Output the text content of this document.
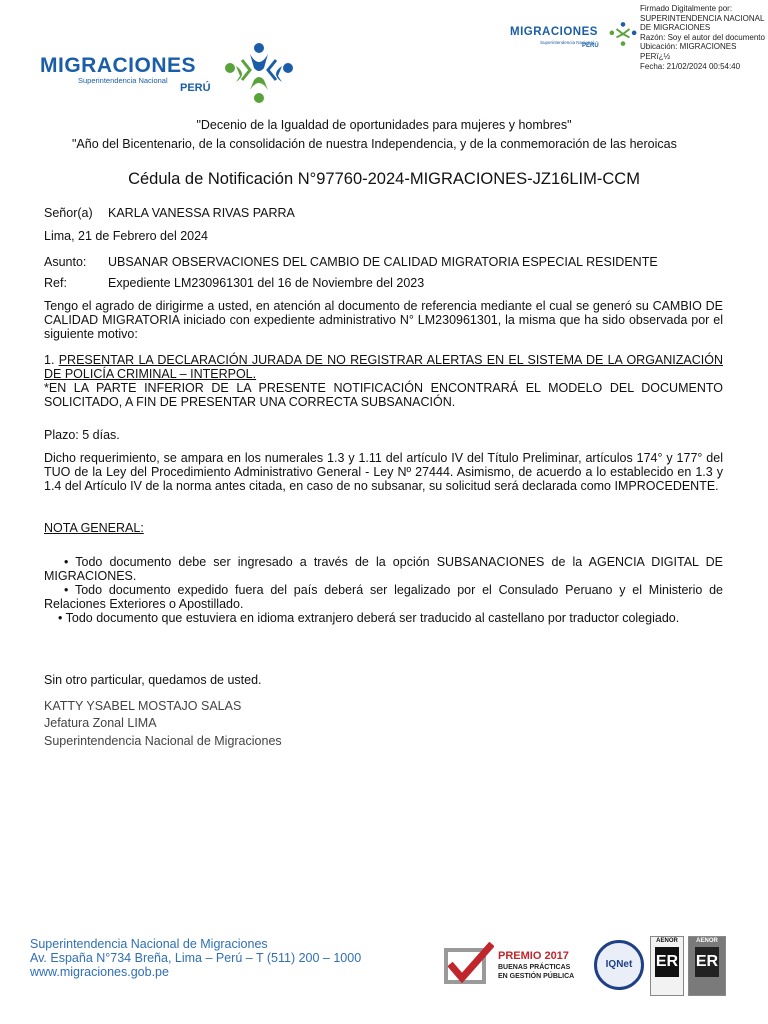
MIGRACIONES
Superintendencia Nacional
PERÚ
MIGRACIONES
Superintendencia Nacional
PERÚ
Firmado Digitalmente por:
SUPERINTENDENCIA NACIONAL
DE MIGRACIONES
Razón: Soy el autor del documento
Ubicación: MIGRACIONES
PERï¿½
Fecha: 21/02/2024 00:54:40
"Decenio de la Igualdad de oportunidades para mujeres y hombres"
"Año del Bicentenario, de la consolidación de nuestra Independencia, y de la conmemoración de las heroicas
Cédula de Notificación N°97760-2024-MIGRACIONES-JZ16LIM-CCM
Señor(a) KARLA VANESSA RIVAS PARRA
Lima, 21 de Febrero del 2024
Asunto: UBSANAR OBSERVACIONES DEL CAMBIO DE CALIDAD MIGRATORIA ESPECIAL RESIDENTE
Ref:	Expediente LM230961301 del 16 de Noviembre del 2023
Tengo el agrado de dirigirme a usted, en atención al documento de referencia mediante el cual se generó su CAMBIO DE CALIDAD MIGRATORIA iniciado con expediente administrativo N° LM230961301, la misma que ha sido observada por el siguiente motivo:
1. PRESENTAR LA DECLARACIÓN JURADA DE NO REGISTRAR ALERTAS EN EL SISTEMA DE LA ORGANIZACIÓN DE POLICÍA CRIMINAL – INTERPOL.
*EN LA PARTE INFERIOR DE LA PRESENTE NOTIFICACIÓN ENCONTRARÁ EL MODELO DEL DOCUMENTO SOLICITADO, A FIN DE PRESENTAR UNA CORRECTA SUBSANACIÓN.
Plazo: 5 días.
Dicho requerimiento, se ampara en los numerales 1.3 y 1.11 del artículo IV del Título Preliminar, artículos 174° y 177° del TUO de la Ley del Procedimiento Administrativo General - Ley Nº 27444. Asimismo, de acuerdo a lo establecido en 1.3 y 1.4 del Artículo IV de la norma antes citada, en caso de no subsanar, su solicitud será declarada como IMPROCEDENTE.
NOTA GENERAL:
• Todo documento debe ser ingresado a través de la opción SUBSANACIONES de la AGENCIA DIGITAL DE MIGRACIONES.
• Todo documento expedido fuera del país deberá ser legalizado por el Consulado Peruano y el Ministerio de Relaciones Exteriores o Apostillado.
• Todo documento que estuviera en idioma extranjero deberá ser traducido al castellano por traductor colegiado.
Sin otro particular, quedamos de usted.
KATTY YSABEL MOSTAJO SALAS
Jefatura Zonal LIMA
Superintendencia Nacional de Migraciones
Superintendencia Nacional de Migraciones
Av. España N°734 Breña, Lima – Perú – T (511) 200 – 1000
www.migraciones.gob.pe
PREMIO 2017
BUENAS PRÁCTICAS
EN GESTIÓN PÚBLICA
IQNet
AENOR
ER
AENOR
ER
